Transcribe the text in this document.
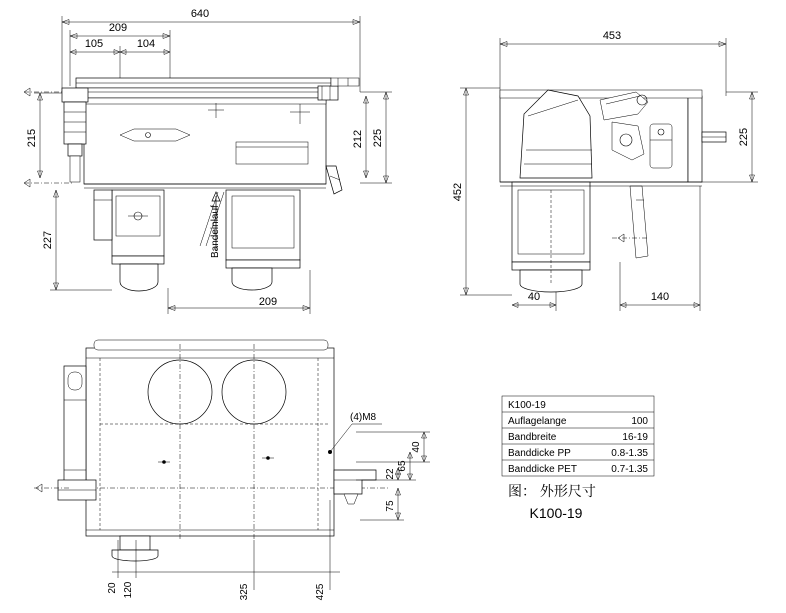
640
209
105	104
215
227
212 225
209
Bandeinlauf
453
452
225
40	140
(4)M8
20 120	325	425
75
22
65
40
K100-19
Auflagelange	100
Bandbreite	16-19
Banddicke PP	0.8-1.35
Banddicke PET	0.7-1.35
图： 外形尺寸
K100-19
